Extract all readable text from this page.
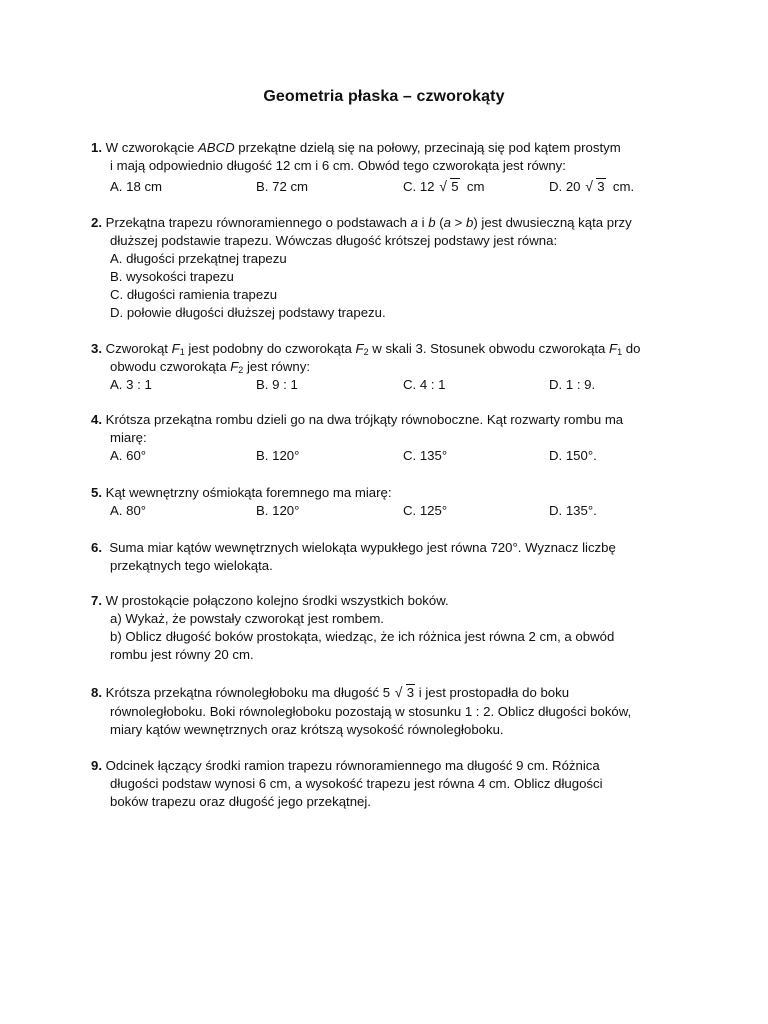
Geometria płaska – czworokąty
1. W czworokącie ABCD przekątne dzielą się na połowy, przecinają się pod kątem prostym
i mają odpowiednio długość 12 cm i 6 cm. Obwód tego czworokąta jest równy:
A. 18 cm	B. 72 cm	C. 12 √ 5 cm	D. 20 √ 3 cm.
2. Przekątna trapezu równoramiennego o podstawach a i b (a > b) jest dwusieczną kąta przy
dłuższej podstawie trapezu. Wówczas długość krótszej podstawy jest równa:
A. długości przekątnej trapezu
B. wysokości trapezu
C. długości ramienia trapezu
D. połowie długości dłuższej podstawy trapezu.
3. Czworokąt $F_1$ jest podobny do czworokąta $F_2$ w skali 3. Stosunek obwodu czworokąta $F_1$ do
obwodu czworokąta $F_2$ jest równy:
A. 3 : 1	B. 9 : 1	C. 4 : 1	D. 1 : 9.
4. Krótsza przekątna rombu dzieli go na dwa trójkąty równoboczne. Kąt rozwarty rombu ma
miarę:
A. 60°	B. 120°	C. 135°	D. 150°.
5. Kąt wewnętrzny ośmiokąta foremnego ma miarę:
A. 80°	B. 120°	C. 125°	D. 135°.
6.  Suma miar kątów wewnętrznych wielokąta wypukłego jest równa 720°. Wyznacz liczbę
przekątnych tego wielokąta.
7. W prostokącie połączono kolejno środki wszystkich boków.
a) Wykaż, że powstały czworokąt jest rombem.
b) Oblicz długość boków prostokąta, wiedząc, że ich różnica jest równa 2 cm, a obwód
rombu jest równy 20 cm.
8. Krótsza przekątna równoległoboku ma długość 5 √ 3 i jest prostopadła do boku
równoległoboku. Boki równoległoboku pozostają w stosunku 1 : 2. Oblicz długości boków,
miary kątów wewnętrznych oraz krótszą wysokość równoległoboku.
9. Odcinek łączący środki ramion trapezu równoramiennego ma długość 9 cm. Różnica
długości podstaw wynosi 6 cm, a wysokość trapezu jest równa 4 cm. Oblicz długości
boków trapezu oraz długość jego przekątnej.
